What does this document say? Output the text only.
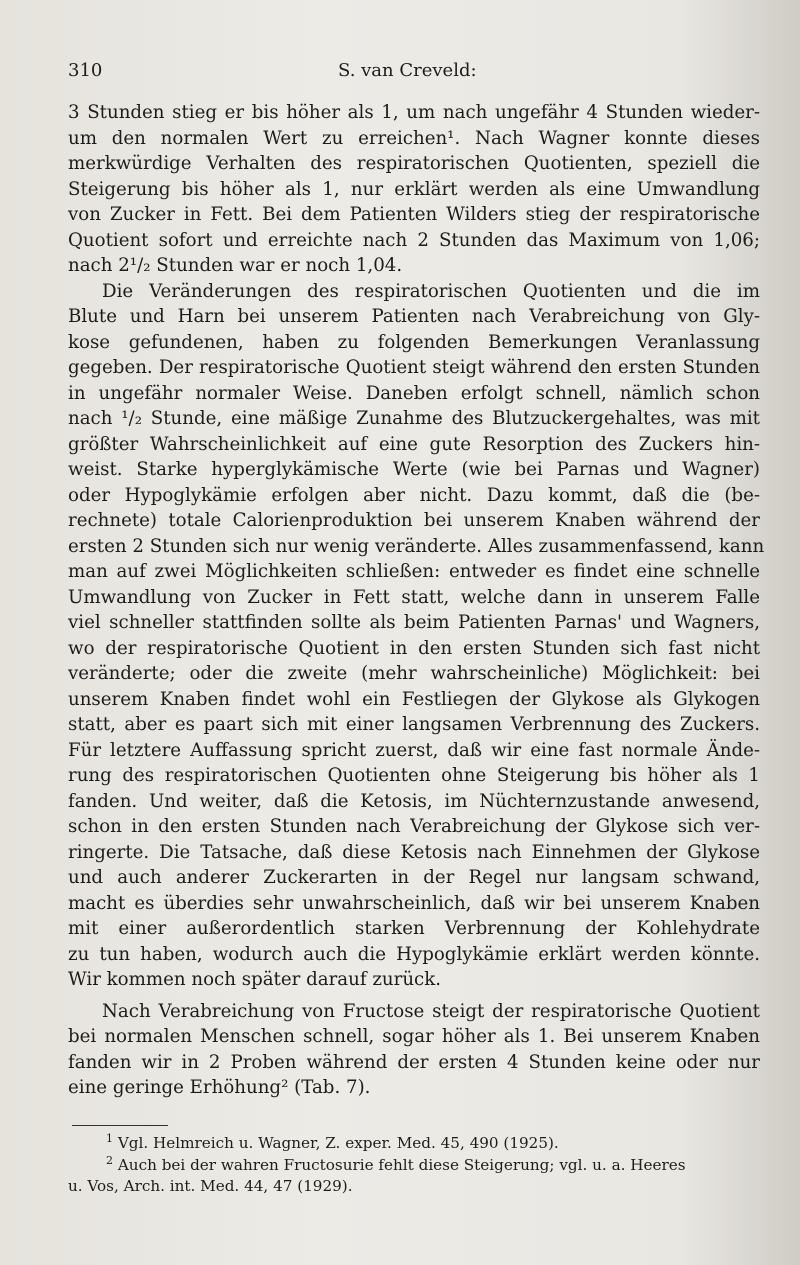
310	S. van Creveld:

3 Stunden stieg er bis höher als 1, um nach ungefähr 4 Stunden wieder-
um den normalen Wert zu erreichen¹. Nach Wagner konnte dieses
merkwürdige Verhalten des respiratorischen Quotienten, speziell die
Steigerung bis höher als 1, nur erklärt werden als eine Umwandlung
von Zucker in Fett. Bei dem Patienten Wilders stieg der respiratorische
Quotient sofort und erreichte nach 2 Stunden das Maximum von 1,06;
nach 2¹/₂ Stunden war er noch 1,04.

Die Veränderungen des respiratorischen Quotienten und die im
Blute und Harn bei unserem Patienten nach Verabreichung von Gly-
kose gefundenen, haben zu folgenden Bemerkungen Veranlassung
gegeben. Der respiratorische Quotient steigt während den ersten Stunden
in ungefähr normaler Weise. Daneben erfolgt schnell, nämlich schon
nach ¹/₂ Stunde, eine mäßige Zunahme des Blutzuckergehaltes, was mit
größter Wahrscheinlichkeit auf eine gute Resorption des Zuckers hin-
weist. Starke hyperglykämische Werte (wie bei Parnas und Wagner)
oder Hypoglykämie erfolgen aber nicht. Dazu kommt, daß die (be-
rechnete) totale Calorienproduktion bei unserem Knaben während der
ersten 2 Stunden sich nur wenig veränderte. Alles zusammenfassend, kann
man auf zwei Möglichkeiten schließen: entweder es findet eine schnelle
Umwandlung von Zucker in Fett statt, welche dann in unserem Falle
viel schneller stattfinden sollte als beim Patienten Parnas' und Wagners,
wo der respiratorische Quotient in den ersten Stunden sich fast nicht
veränderte; oder die zweite (mehr wahrscheinliche) Möglichkeit: bei
unserem Knaben findet wohl ein Festliegen der Glykose als Glykogen
statt, aber es paart sich mit einer langsamen Verbrennung des Zuckers.
Für letztere Auffassung spricht zuerst, daß wir eine fast normale Ände-
rung des respiratorischen Quotienten ohne Steigerung bis höher als 1
fanden. Und weiter, daß die Ketosis, im Nüchternzustande anwesend,
schon in den ersten Stunden nach Verabreichung der Glykose sich ver-
ringerte. Die Tatsache, daß diese Ketosis nach Einnehmen der Glykose
und auch anderer Zuckerarten in der Regel nur langsam schwand,
macht es überdies sehr unwahrscheinlich, daß wir bei unserem Knaben
mit einer außerordentlich starken Verbrennung der Kohlehydrate
zu tun haben, wodurch auch die Hypoglykämie erklärt werden könnte.
Wir kommen noch später darauf zurück.

Nach Verabreichung von Fructose steigt der respiratorische Quotient
bei normalen Menschen schnell, sogar höher als 1. Bei unserem Knaben
fanden wir in 2 Proben während der ersten 4 Stunden keine oder nur
eine geringe Erhöhung² (Tab. 7).

$^1$ Vgl. Helmreich u. Wagner, Z. exper. Med. 45, 490 (1925).
$^2$ Auch bei der wahren Fructosurie fehlt diese Steigerung; vgl. u. a. Heeres
u. Vos, Arch. int. Med. 44, 47 (1929).
